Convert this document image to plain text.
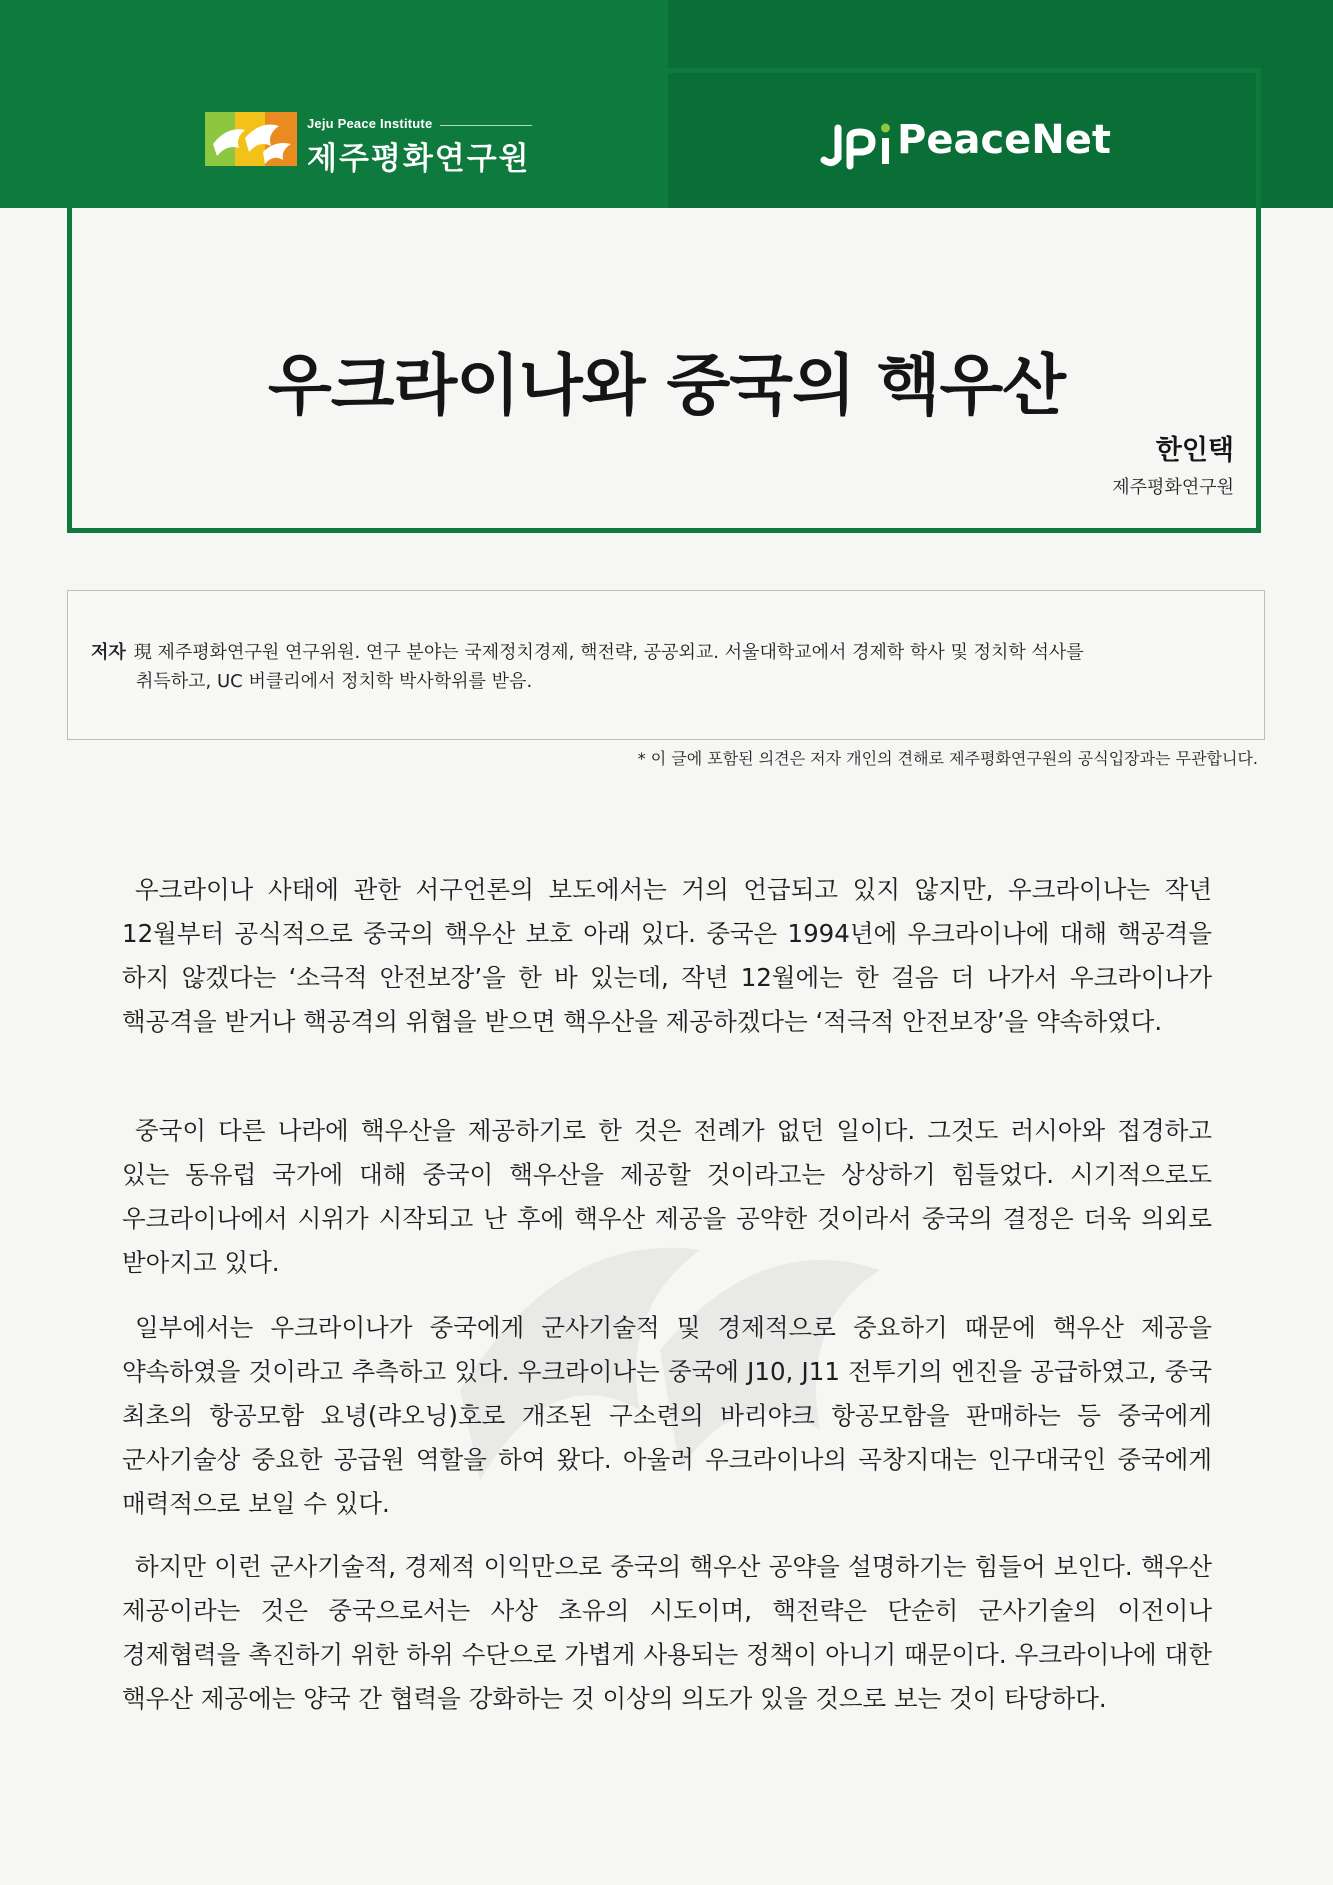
Jeju Peace Institute
제주평화연구원	PeaceNet
우크라이나와 중국의 핵우산
한인택
제주평화연구원
저자 現 제주평화연구원 연구위원. 연구 분야는 국제정치경제, 핵전략, 공공외교. 서울대학교에서 경제학 학사 및 정치학 석사를
취득하고, UC 버클리에서 정치학 박사학위를 받음.
* 이 글에 포함된 의견은 저자 개인의 견해로 제주평화연구원의 공식입장과는 무관합니다.

우크라이나 사태에 관한 서구언론의 보도에서는 거의 언급되고 있지 않지만, 우크라이나는 작년 12월부터 공식적으로 중국의 핵우산 보호 아래 있다. 중국은 1994년에 우크라이나에 대해 핵공격을 하지 않겠다는 ‘소극적 안전보장’을 한 바 있는데, 작년 12월에는 한 걸음 더 나가서 우크라이나가 핵공격을 받거나 핵공격의 위협을 받으면 핵우산을 제공하겠다는 ‘적극적 안전보장’을 약속하였다.

중국이 다른 나라에 핵우산을 제공하기로 한 것은 전례가 없던 일이다. 그것도 러시아와 접경하고 있는 동유럽 국가에 대해 중국이 핵우산을 제공할 것이라고는 상상하기 힘들었다. 시기적으로도 우크라이나에서 시위가 시작되고 난 후에 핵우산 제공을 공약한 것이라서 중국의 결정은 더욱 의외로 받아지고 있다.

일부에서는 우크라이나가 중국에게 군사기술적 및 경제적으로 중요하기 때문에 핵우산 제공을 약속하였을 것이라고 추측하고 있다. 우크라이나는 중국에 J10, J11 전투기의 엔진을 공급하였고, 중국 최초의 항공모함 요녕(랴오닝)호로 개조된 구소련의 바리야크 항공모함을 판매하는 등 중국에게 군사기술상 중요한 공급원 역할을 하여 왔다. 아울러 우크라이나의 곡창지대는 인구대국인 중국에게 매력적으로 보일 수 있다.

하지만 이런 군사기술적, 경제적 이익만으로 중국의 핵우산 공약을 설명하기는 힘들어 보인다. 핵우산 제공이라는 것은 중국으로서는 사상 초유의 시도이며, 핵전략은 단순히 군사기술의 이전이나 경제협력을 촉진하기 위한 하위 수단으로 가볍게 사용되는 정책이 아니기 때문이다. 우크라이나에 대한 핵우산 제공에는 양국 간 협력을 강화하는 것 이상의 의도가 있을 것으로 보는 것이 타당하다.
